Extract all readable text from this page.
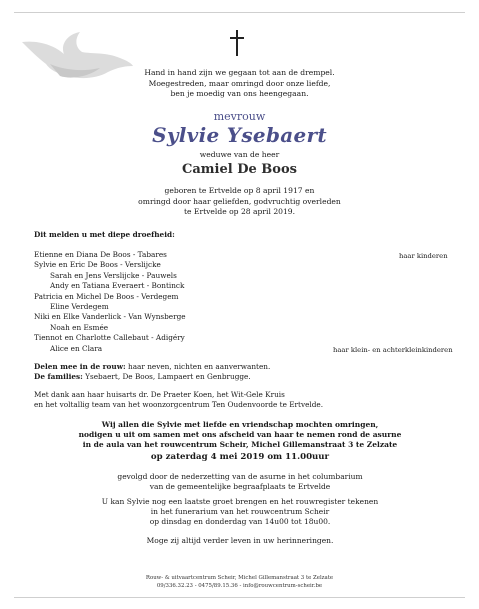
Hand in hand zijn we gegaan tot aan de drempel.
Moegestreden, maar omringd door onze liefde,
ben je moedig van ons heengegaan.
mevrouw
Sylvie Ysebaert
weduwe van de heer
Camiel De Boos
geboren te Ertvelde op 8 april 1917 en
omringd door haar geliefden, godvruchtig overleden
te Ertvelde op 28 april 2019.
Dit melden u met diepe droefheid:
Etienne en Diana De Boos - Tabares
Sylvie en Eric De Boos - Verslijcke
Sarah en Jens Verslijcke - Pauwels
Andy en Tatiana Everaert - Bontinck
Patricia en Michel De Boos - Verdegem
Eline Verdegem
Niki en Elke Vanderlick - Van Wynsberge
Noah en Esmée
Tiennot en Charlotte Callebaut - Adigéry
Alice en Clara
haar kinderen
haar klein- en achterkleinkinderen
Delen mee in de rouw: haar neven, nichten en aanverwanten.
De families: Ysebaert, De Boos, Lampaert en Genbrugge.
Met dank aan haar huisarts dr. De Praeter Koen, het Wit-Gele Kruis
en het voltallig team van het woonzorgcentrum Ten Oudenvoorde te Ertvelde.
Wij allen die Sylvie met liefde en vriendschap mochten omringen,
nodigen u uit om samen met ons afscheid van haar te nemen rond de asurne
in de aula van het rouwcentrum Scheir, Michel Gillemanstraat 3 te Zelzate
op zaterdag 4 mei 2019 om 11.00uur
gevolgd door de nederzetting van de asurne in het columbarium
van de gemeentelijke begraafplaats te Ertvelde
U kan Sylvie nog een laatste groet brengen en het rouwregister tekenen
in het funerarium van het rouwcentrum Scheir
op dinsdag en donderdag van 14u00 tot 18u00.
Moge zij altijd verder leven in uw herinneringen.
Rouw- & uitvaartcentrum Scheir, Michel Gillemanstraat 3 te Zelzate
09/336.32.23 - 0475/89.15.36 - info@rouwcentrum-scheir.be
